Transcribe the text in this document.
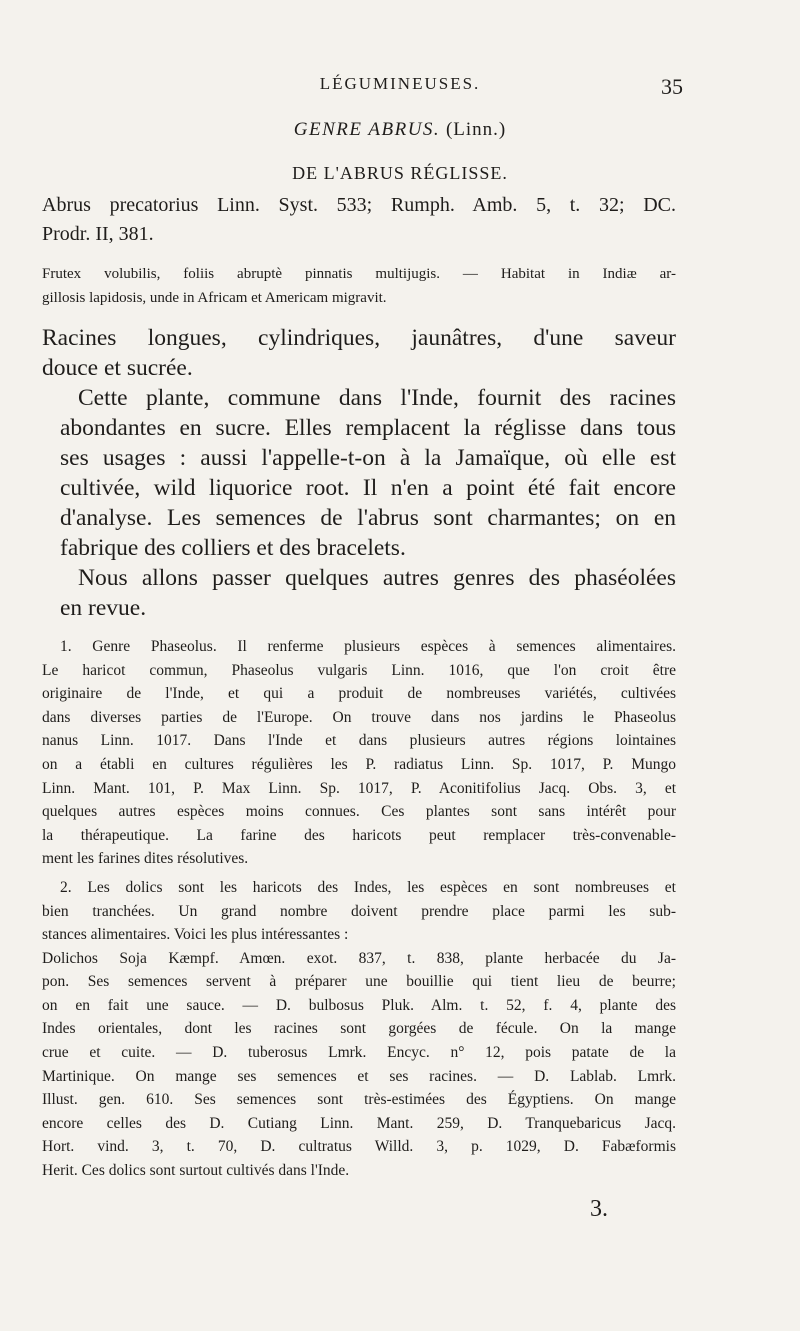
LÉGUMINEUSES.	35
GENRE ABRUS. (Linn.)
DE L'ABRUS RÉGLISSE.
Abrus precatorius Linn. Syst. 533; Rumph. Amb. 5, t. 32; DC.
Prodr. II, 381.
Frutex volubilis, foliis abruptè pinnatis multijugis. — Habitat in Indiæ ar-
gillosis lapidosis, unde in Africam et Americam migravit.
Racines longues, cylindriques, jaunâtres, d'une saveur
douce et sucrée.
Cette plante, commune dans l'Inde, fournit des racines
abondantes en sucre. Elles remplacent la réglisse dans tous
ses usages : aussi l'appelle-t-on à la Jamaïque, où elle est
cultivée, wild liquorice root. Il n'en a point été fait encore
d'analyse. Les semences de l'abrus sont charmantes; on en
fabrique des colliers et des bracelets.
Nous allons passer quelques autres genres des phaséolées
en revue.
1. Genre Phaseolus. Il renferme plusieurs espèces à semences alimentaires.
Le haricot commun, Phaseolus vulgaris Linn. 1016, que l'on croit être
originaire de l'Inde, et qui a produit de nombreuses variétés, cultivées
dans diverses parties de l'Europe. On trouve dans nos jardins le Phaseolus
nanus Linn. 1017. Dans l'Inde et dans plusieurs autres régions lointaines
on a établi en cultures régulières les P. radiatus Linn. Sp. 1017, P. Mungo
Linn. Mant. 101, P. Max Linn. Sp. 1017, P. Aconitifolius Jacq. Obs. 3, et
quelques autres espèces moins connues. Ces plantes sont sans intérêt pour
la thérapeutique. La farine des haricots peut remplacer très-convenable-
ment les farines dites résolutives.
2. Les dolics sont les haricots des Indes, les espèces en sont nombreuses et
bien tranchées. Un grand nombre doivent prendre place parmi les sub-
stances alimentaires. Voici les plus intéressantes :
Dolichos Soja Kæmpf. Amœn. exot. 837, t. 838, plante herbacée du Ja-
pon. Ses semences servent à préparer une bouillie qui tient lieu de beurre;
on en fait une sauce. — D. bulbosus Pluk. Alm. t. 52, f. 4, plante des
Indes orientales, dont les racines sont gorgées de fécule. On la mange
crue et cuite. — D. tuberosus Lmrk. Encyc. n° 12, pois patate de la
Martinique. On mange ses semences et ses racines. — D. Lablab. Lmrk.
Illust. gen. 610. Ses semences sont très-estimées des Égyptiens. On mange
encore celles des D. Cutiang Linn. Mant. 259, D. Tranquebaricus Jacq.
Hort. vind. 3, t. 70, D. cultratus Willd. 3, p. 1029, D. Fabæformis
Herit. Ces dolics sont surtout cultivés dans l'Inde.
3.
